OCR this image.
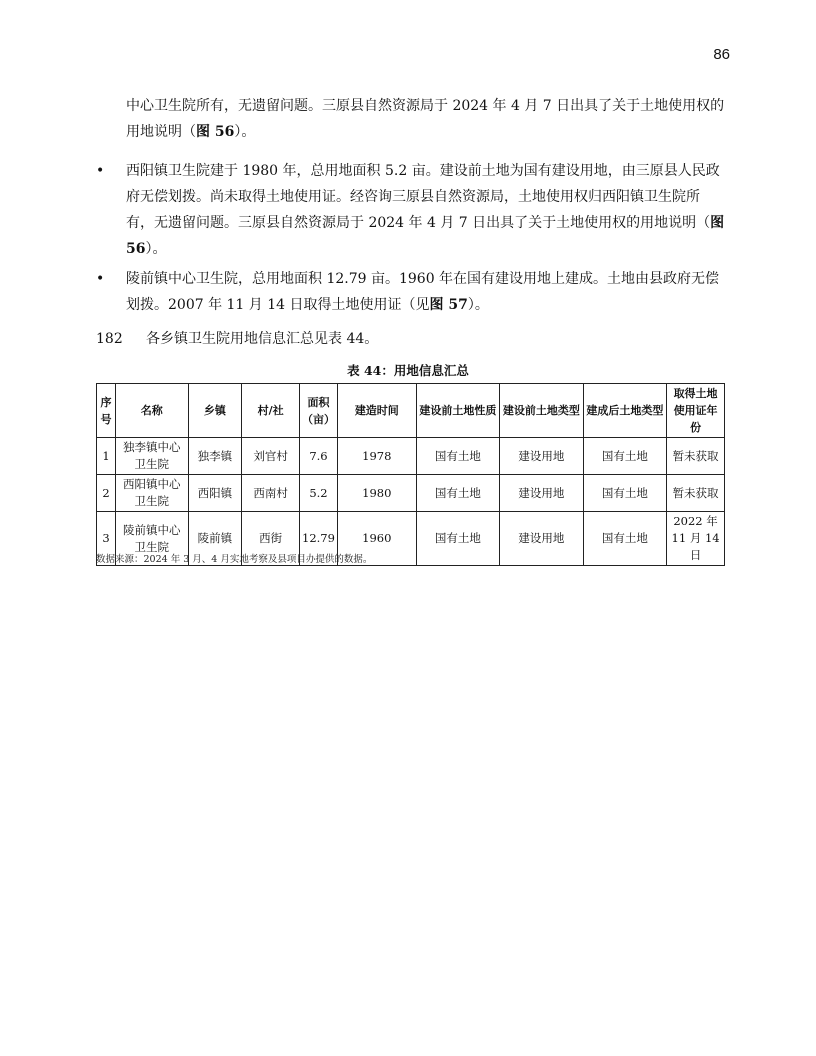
86
中心卫生院所有，无遗留问题。三原县自然资源局于 2024 年 4 月 7 日出具了关于土地使用权的用地说明（图 56）。
•	西阳镇卫生院建于 1980 年，总用地面积 5.2 亩。建设前土地为国有建设用地，由三原县人民政府无偿划拨。尚未取得土地使用证。经咨询三原县自然资源局，土地使用权归西阳镇卫生院所有，无遗留问题。三原县自然资源局于 2024 年 4 月 7 日出具了关于土地使用权的用地说明（图 56）。
•	陵前镇中心卫生院，总用地面积 12.79 亩。1960 年在国有建设用地上建成。土地由县政府无偿划拨。2007 年 11 月 14 日取得土地使用证（见图 57）。
182 各乡镇卫生院用地信息汇总见表 44。
表 44：用地信息汇总
序号	名称	乡镇	村/社	面积（亩）	建造时间	建设前土地性质	建设前土地类型	建成后土地类型	取得土地使用证年份
1	独李镇中心卫生院	独李镇	刘官村	7.6	1978	国有土地	建设用地	国有土地	暂未获取
2	西阳镇中心卫生院	西阳镇	西南村	5.2	1980	国有土地	建设用地	国有土地	暂未获取
3	陵前镇中心卫生院	陵前镇	西街	12.79	1960	国有土地	建设用地	国有土地	2022 年 11 月 14 日
数据来源：2024 年 3 月、4 月实地考察及县项目办提供的数据。
